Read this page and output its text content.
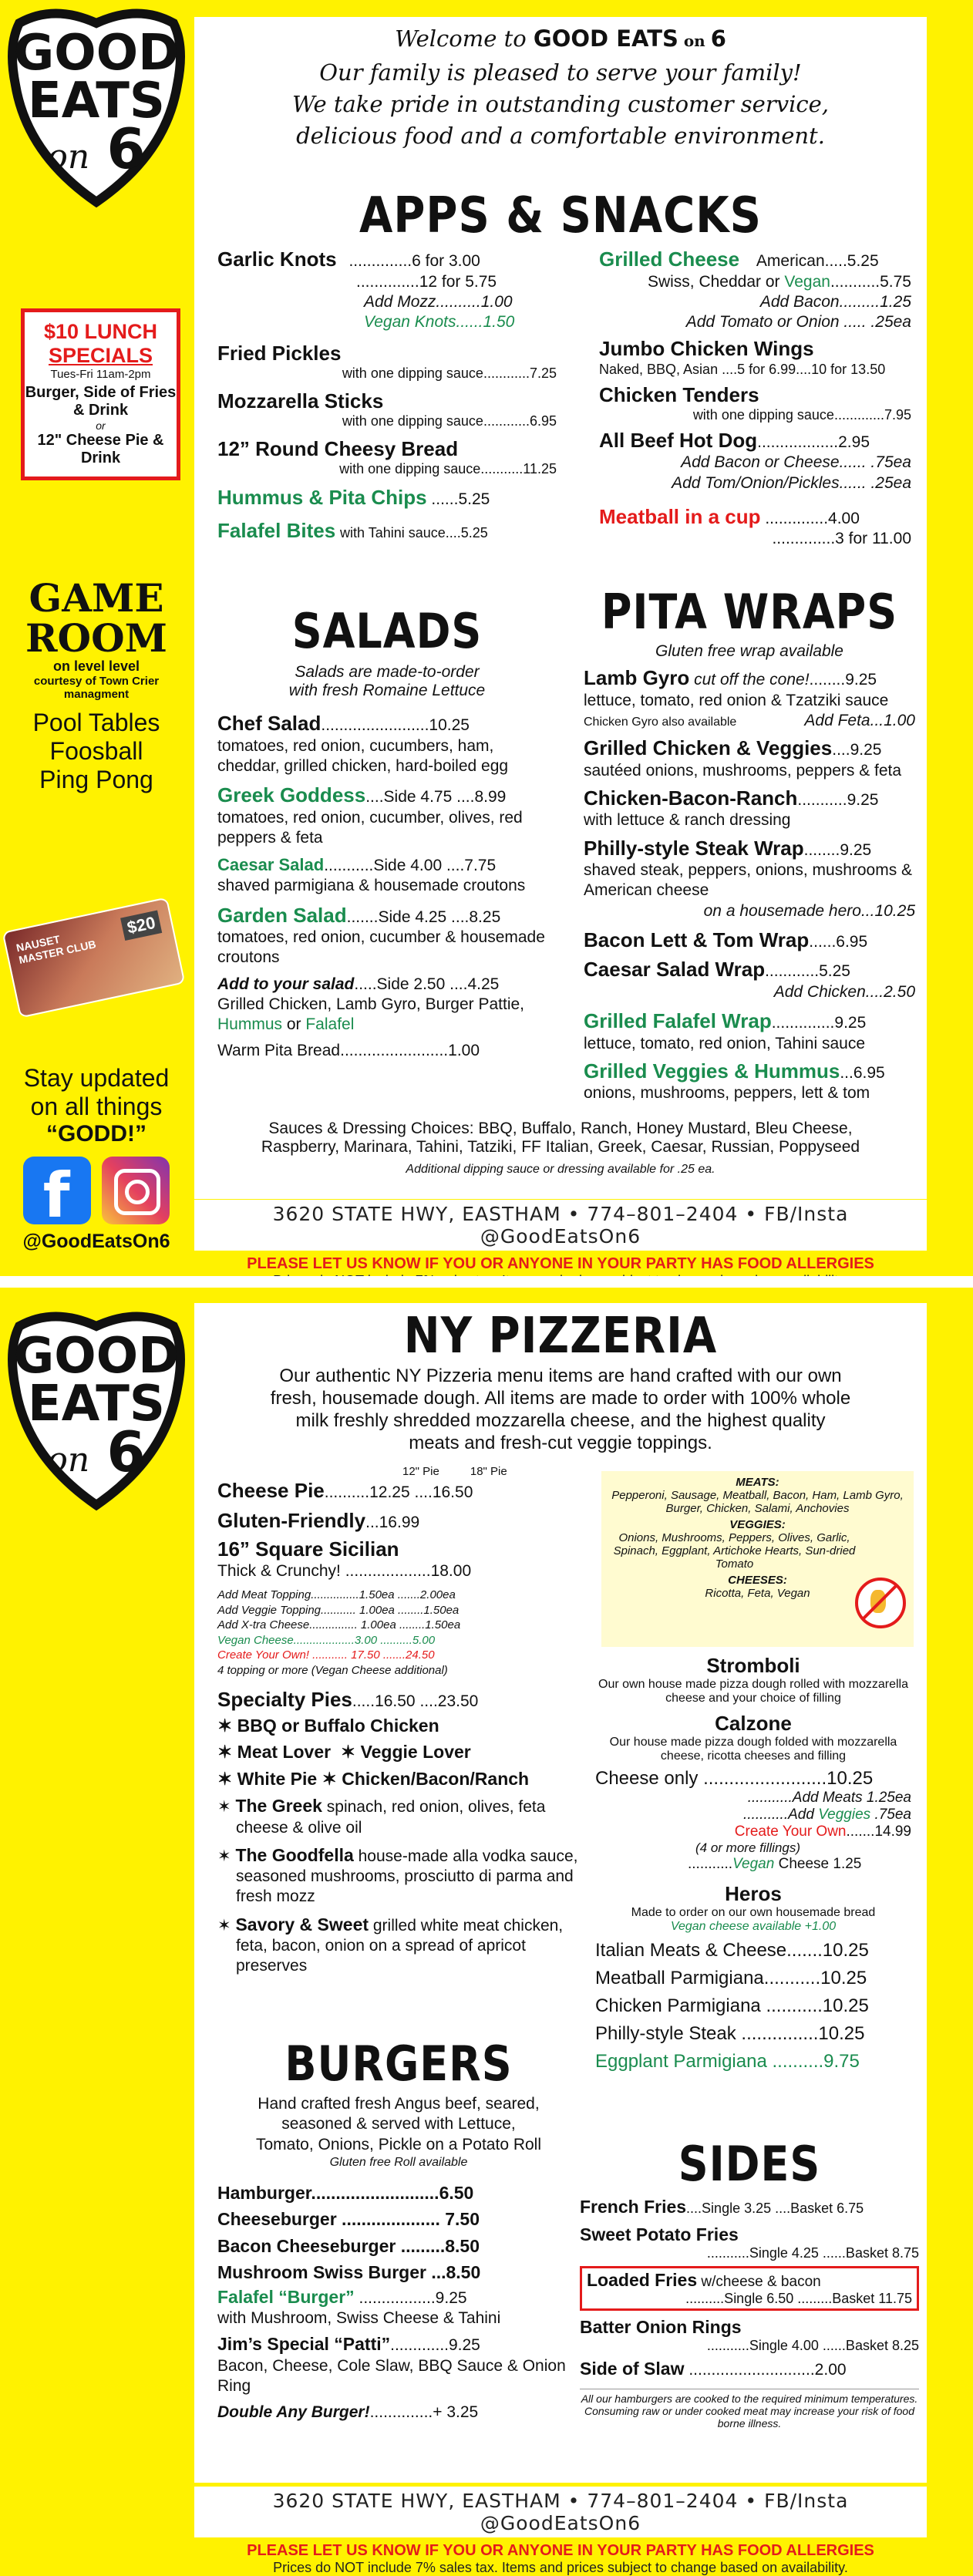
GOOD
EATS
on 6
$10 LUNCH
SPECIALS
Tues-Fri 11am-2pm
Burger, Side of Fries & Drink
or
12" Cheese Pie & Drink
GAME
ROOM
on level level
courtesy of Town Crier
managment
Pool Tables
Foosball
Ping Pong
NAUSET MASTER CLUB
$20
Stay updated
on all things
“GODD!”
f

@GoodEatsOn6
Welcome to GOOD EATS on 6
Our family is pleased to serve your family!
We take pride in outstanding customer service,
delicious food and a comfortable environment.
APPS & SNACKS
Garlic Knots ..............6 for 3.00
..............12 for 5.75
Add Mozz..........1.00
Vegan Knots......1.50
Fried Pickles
with one dipping sauce............7.25
Mozzarella Sticks
with one dipping sauce............6.95
12” Round Cheesy Bread
with one dipping sauce...........11.25
Hummus & Pita Chips ......5.25
Falafel Bites with Tahini sauce....5.25
Grilled Cheese American.....5.25
Swiss, Cheddar or Vegan...........5.75
Add Bacon.........1.25
Add Tomato or Onion ..... .25ea
Jumbo Chicken Wings
Naked, BBQ, Asian ....5 for 6.99....10 for 13.50
Chicken Tenders
with one dipping sauce.............7.95
All Beef Hot Dog..................2.95
Add Bacon or Cheese...... .75ea
Add Tom/Onion/Pickles...... .25ea
Meatball in a cup ..............4.00
..............3 for 11.00
SALADS
Salads are made-to-order
with fresh Romaine Lettuce
Chef Salad........................10.25
tomatoes, red onion, cucumbers, ham, cheddar, grilled chicken, hard-boiled egg
Greek Goddess....Side 4.75 ....8.99
tomatoes, red onion, cucumber, olives, red peppers & feta
Caesar Salad...........Side 4.00 ....7.75
shaved parmigiana & housemade croutons
Garden Salad.......Side 4.25 ....8.25
tomatoes, red onion, cucumber & housemade croutons
Add to your salad.....Side 2.50 ....4.25
Grilled Chicken, Lamb Gyro, Burger Pattie, Hummus or Falafel
Warm Pita Bread........................1.00
PITA WRAPS
Gluten free wrap available
Lamb Gyro cut off the cone!........9.25
lettuce, tomato, red onion & Tzatziki sauce
Chicken Gyro also available	Add Feta...1.00
Grilled Chicken & Veggies....9.25
sautéed onions, mushrooms, peppers & feta
Chicken-Bacon-Ranch...........9.25
with lettuce & ranch dressing
Philly-style Steak Wrap........9.25
shaved steak, peppers, onions, mushrooms & American cheese
on a housemade hero...10.25
Bacon Lett & Tom Wrap......6.95
Caesar Salad Wrap............5.25
Add Chicken....2.50
Grilled Falafel Wrap..............9.25
lettuce, tomato, red onion, Tahini sauce
Grilled Veggies & Hummus...6.95
onions, mushrooms, peppers, lett & tom
Sauces & Dressing Choices: BBQ, Buffalo, Ranch, Honey Mustard, Bleu Cheese,
Raspberry, Marinara, Tahini, Tatziki, FF Italian, Greek, Caesar, Russian, Poppyseed
Additional dipping sauce or dressing available for .25 ea.
3620 STATE HWY, EASTHAM • 774–801–2404 • FB/Insta @GoodEatsOn6
PLEASE LET US KNOW IF YOU OR ANYONE IN YOUR PARTY HAS FOOD ALLERGIES
GOOD
EATS
on 6
NY PIZZERIA
Our authentic NY Pizzeria menu items are hand crafted with our own
fresh, housemade dough. All items are made to order with 100% whole
milk freshly shredded mozzarella cheese, and the highest quality
meats and fresh-cut veggie toppings.
12" Pie	18" Pie
Cheese Pie..........12.25 ....16.50
Gluten-Friendly...16.99
16” Square Sicilian
Thick & Crunchy! ...................18.00
Add Meat Topping...............1.50ea .......2.00ea
Add Veggie Topping........... 1.00ea ........1.50ea
Add X-tra Cheese............... 1.00ea ........1.50ea
Vegan Cheese...................3.00 ..........5.00
Create Your Own! ........... 17.50 .......24.50
4 topping or more (Vegan Cheese additional)
Specialty Pies.....16.50 ....23.50
✶ BBQ or Buffalo Chicken
✶ Meat Lover  ✶ Veggie Lover
✶ White Pie ✶ Chicken/Bacon/Ranch
✶ The Greek spinach, red onion, olives, feta cheese & olive oil
✶ The Goodfella house-made alla vodka sauce, seasoned mushrooms, prosciutto di parma and fresh mozz
✶ Savory & Sweet grilled white meat chicken, feta, bacon, onion on a spread of apricot preserves
MEATS:
Pepperoni, Sausage, Meatball, Bacon, Ham, Lamb Gyro, Burger, Chicken, Salami, Anchovies
VEGGIES:
Onions, Mushrooms, Peppers, Olives, Garlic, Spinach, Eggplant, Artichoke Hearts, Sun-dried Tomato
CHEESES:
Ricotta, Feta, Vegan
Stromboli
Our own house made pizza dough rolled with mozzarella cheese and your choice of filling
Calzone
Our house made pizza dough folded with mozzarella cheese, ricotta cheeses and filling
Cheese only ........................10.25
...........Add Meats 1.25ea
...........Add Veggies .75ea
Create Your Own.......14.99
(4 or more fillings)
...........Vegan Cheese 1.25
Heros
Made to order on our own housemade bread
Vegan cheese available +1.00
Italian Meats & Cheese.......10.25
Meatball Parmigiana...........10.25
Chicken Parmigiana ...........10.25
Philly-style Steak ...............10.25
Eggplant Parmigiana ..........9.75
BURGERS
Hand crafted fresh Angus beef, seared,
seasoned & served with Lettuce,
Tomato, Onions, Pickle on a Potato Roll
Gluten free Roll available
Hamburger..........................6.50
Cheeseburger .................... 7.50
Bacon Cheeseburger .........8.50
Mushroom Swiss Burger ...8.50
Falafel “Burger” .................9.25
with Mushroom, Swiss Cheese & Tahini
Jim’s Special “Patti”.............9.25
Bacon, Cheese, Cole Slaw, BBQ Sauce & Onion Ring
Double Any Burger!..............+ 3.25
SIDES
French Fries....Single 3.25 ....Basket 6.75
Sweet Potato Fries
...........Single 4.25 ......Basket 8.75
Loaded Fries w/cheese & bacon
..........Single 6.50 .........Basket 11.75
Batter Onion Rings
...........Single 4.00 ......Basket 8.25
Side of Slaw ............................2.00
All our hamburgers are cooked to the required minimum temperatures. Consuming raw or under cooked meat may increase your risk of food borne illness.
3620 STATE HWY, EASTHAM • 774–801–2404 • FB/Insta @GoodEatsOn6
PLEASE LET US KNOW IF YOU OR ANYONE IN YOUR PARTY HAS FOOD ALLERGIES
Prices do NOT include 7% sales tax. Items and prices subject to change based on availability.
